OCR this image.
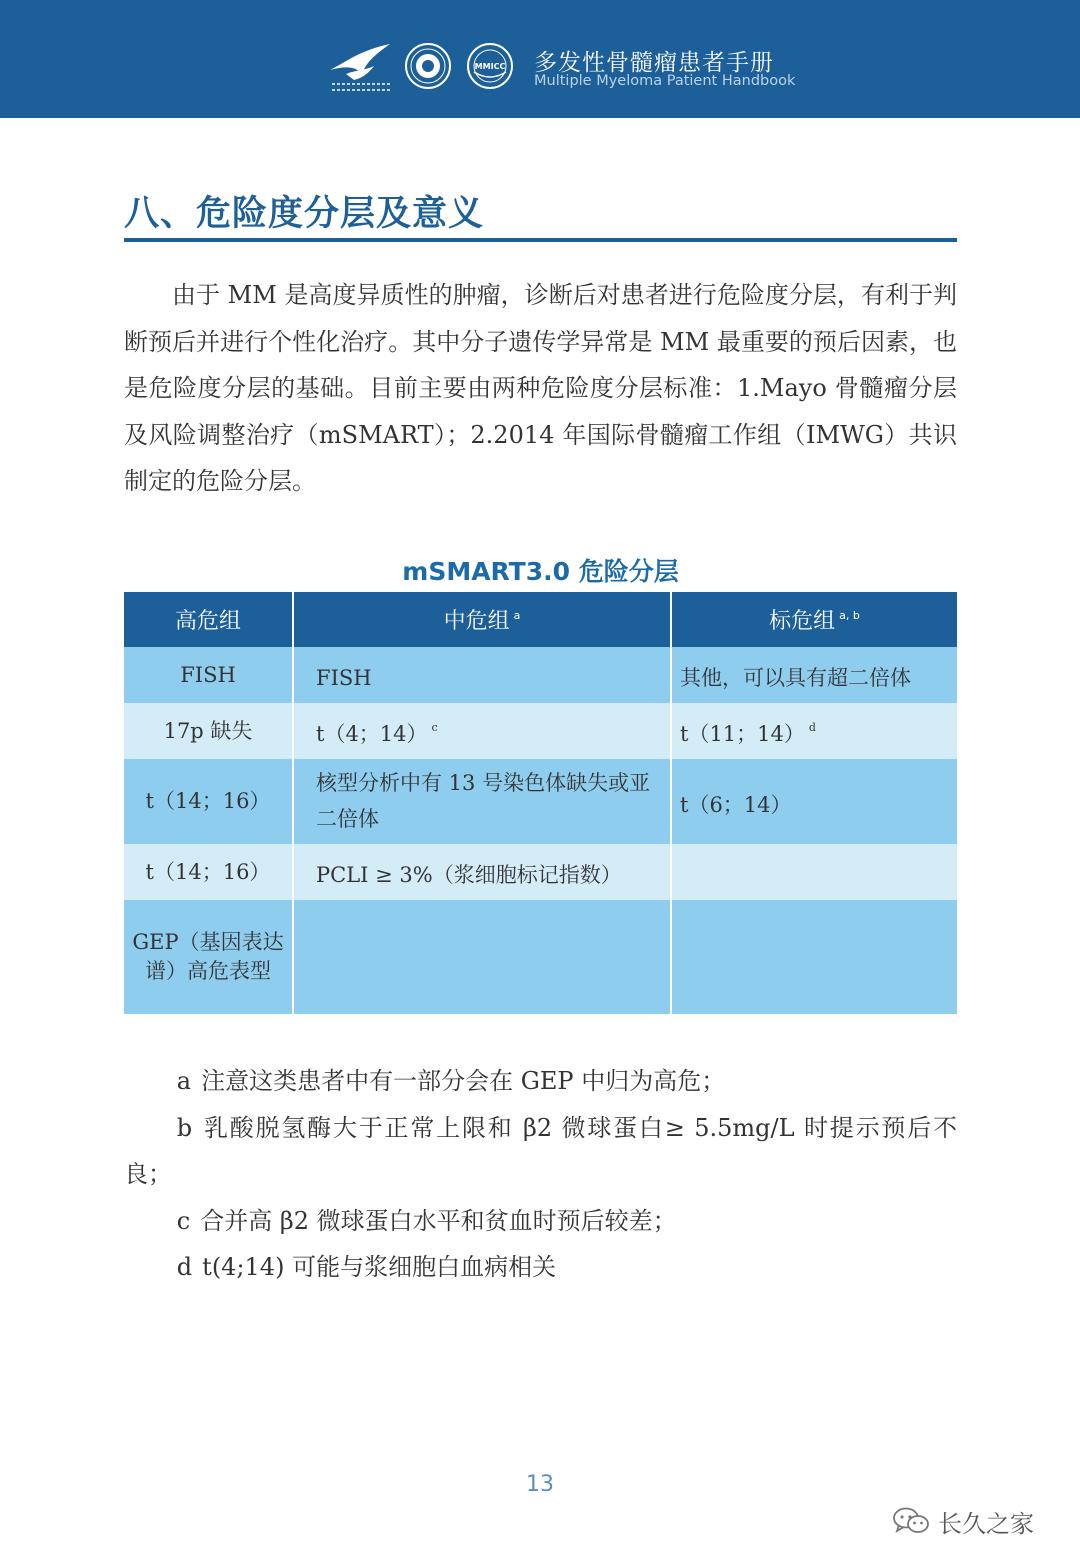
MMICC 多发性骨髓瘤患者手册
Multiple Myeloma Patient Handbook
八、危险度分层及意义

由于 MM 是高度异质性的肿瘤，诊断后对患者进行危险度分层，有利于判断预后并进行个性化治疗。其中分子遗传学异常是 MM 最重要的预后因素，也是危险度分层的基础。目前主要由两种危险度分层标准：1.Mayo 骨髓瘤分层及风险调整治疗（mSMART）；2.2014 年国际骨髓瘤工作组（IMWG）共识制定的危险分层。

mSMART3.0 危险分层
高危组	中危组 $^a$	标危组 $^{a, b}$
FISH	FISH	其他，可以具有超二倍体
17p 缺失	t（4；14） $^c$	t（11；14） $^d$
t（14；16）	核型分析中有 13 号染色体缺失或亚二倍体	t（6；14）
t（14；16）	PCLI ≥ 3%（浆细胞标记指数）	
GEP（基因表达谱）高危表型		

a 注意这类患者中有一部分会在 GEP 中归为高危；

b 乳酸脱氢酶大于正常上限和 β2 微球蛋白≥ 5.5mg/L 时提示预后不良；

c 合并高 β2 微球蛋白水平和贫血时预后较差；

d t(4;14) 可能与浆细胞白血病相关

13
长久之家
